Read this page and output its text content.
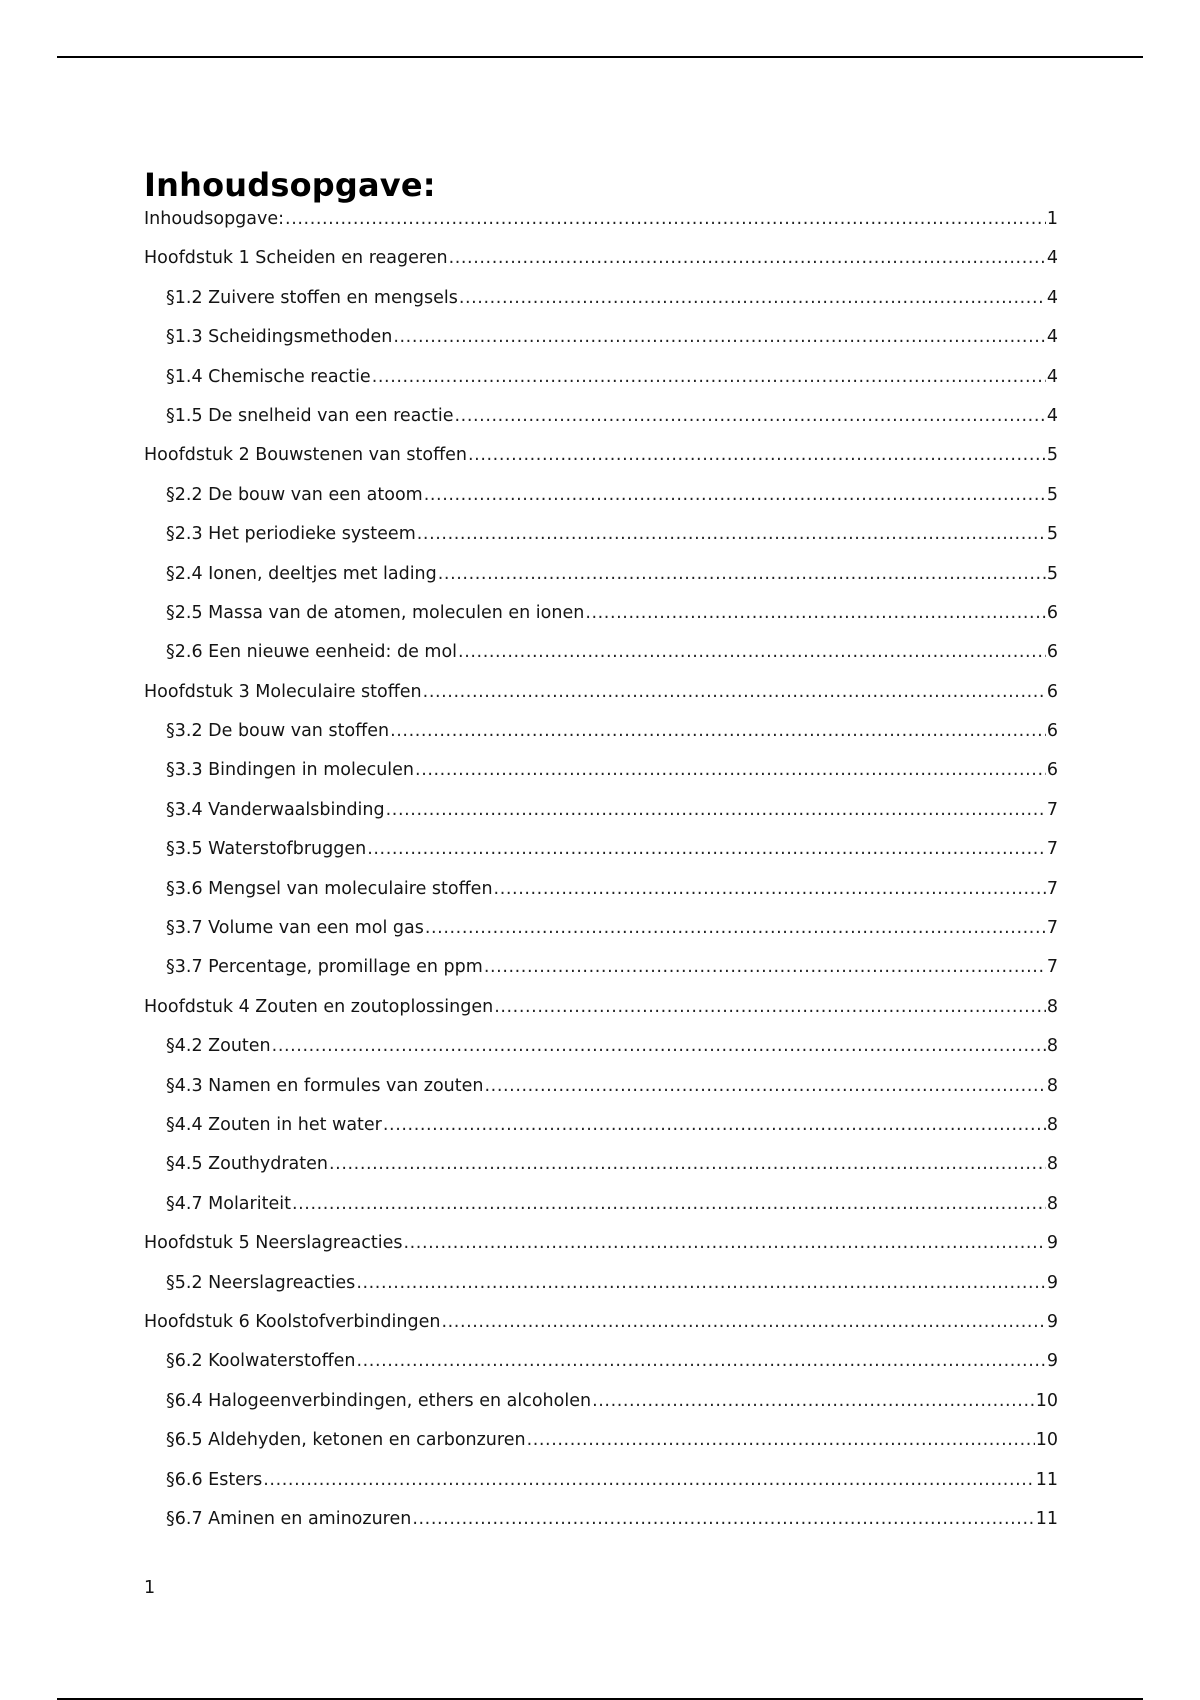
Inhoudsopgave:
Inhoudsopgave: .....	1
Hoofdstuk 1 Scheiden en reageren .....	4
§1.2 Zuivere stoffen en mengsels .....	4
§1.3 Scheidingsmethoden .....	4
§1.4 Chemische reactie .....	4
§1.5 De snelheid van een reactie .....	4
Hoofdstuk 2 Bouwstenen van stoffen .....	5
§2.2 De bouw van een atoom .....	5
§2.3 Het periodieke systeem .....	5
§2.4 Ionen, deeltjes met lading .....	5
§2.5 Massa van de atomen, moleculen en ionen .....	6
§2.6 Een nieuwe eenheid: de mol .....	6
Hoofdstuk 3 Moleculaire stoffen .....	6
§3.2 De bouw van stoffen .....	6
§3.3 Bindingen in moleculen .....	6
§3.4 Vanderwaalsbinding .....	7
§3.5 Waterstofbruggen .....	7
§3.6 Mengsel van moleculaire stoffen .....	7
§3.7 Volume van een mol gas .....	7
§3.7 Percentage, promillage en ppm .....	7
Hoofdstuk 4 Zouten en zoutoplossingen .....	8
§4.2 Zouten .....	8
§4.3 Namen en formules van zouten .....	8
§4.4 Zouten in het water .....	8
§4.5 Zouthydraten .....	8
§4.7 Molariteit .....	8
Hoofdstuk 5 Neerslagreacties .....	9
§5.2 Neerslagreacties .....	9
Hoofdstuk 6 Koolstofverbindingen .....	9
§6.2 Koolwaterstoffen .....	9
§6.4 Halogeenverbindingen, ethers en alcoholen .....	10
§6.5 Aldehyden, ketonen en carbonzuren .....	10
§6.6 Esters .....	11
§6.7 Aminen en aminozuren .....	11
1
